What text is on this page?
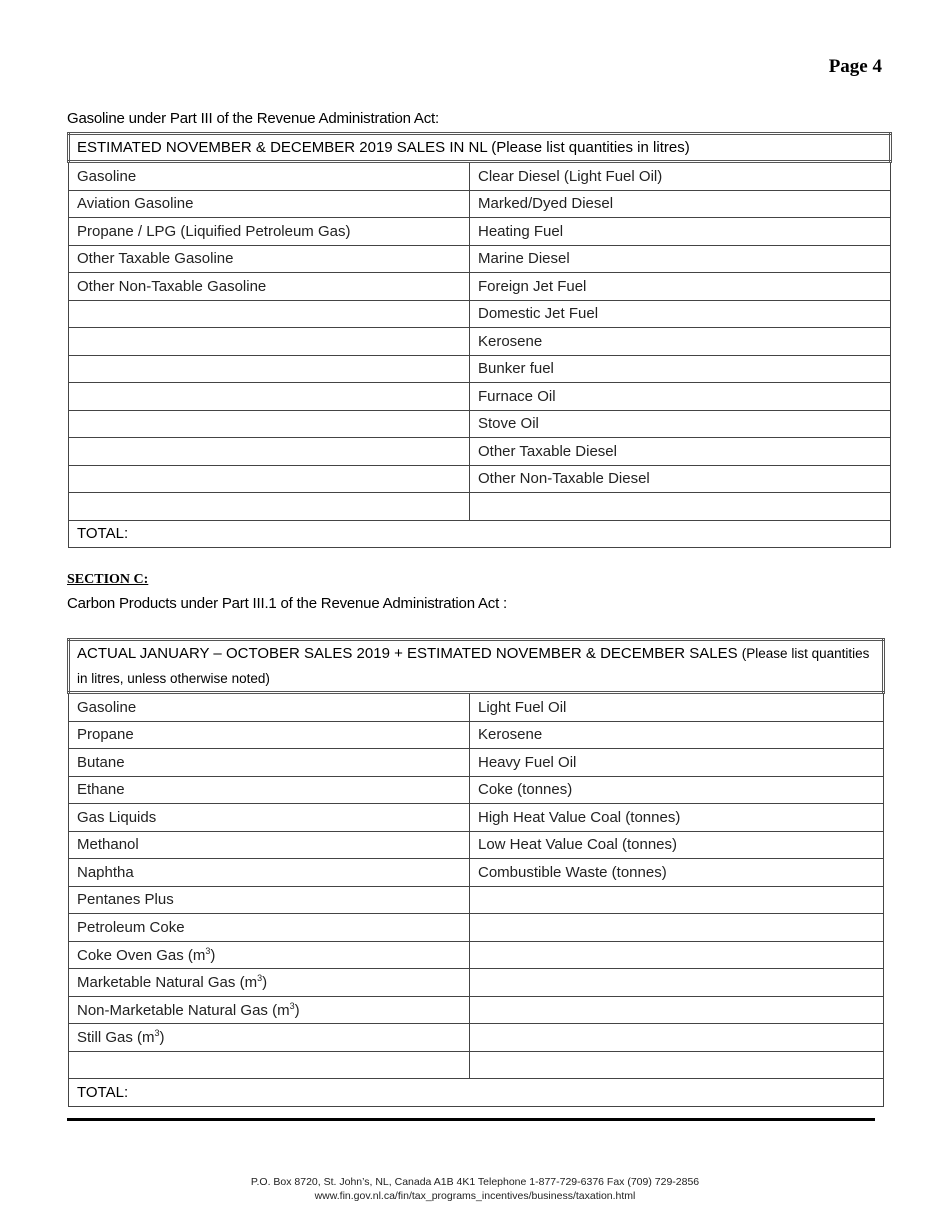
Page 4
Gasoline under Part III of the Revenue Administration Act:
ESTIMATED NOVEMBER & DECEMBER 2019 SALES IN NL (Please list quantities in litres)	
Gasoline	Clear Diesel (Light Fuel Oil)
Aviation Gasoline	Marked/Dyed Diesel
Propane / LPG (Liquified Petroleum Gas)	Heating Fuel
Other Taxable Gasoline	Marine Diesel
Other Non-Taxable Gasoline	Foreign Jet Fuel
	Domestic Jet Fuel
	Kerosene
	Bunker fuel
	Furnace Oil
	Stove Oil
	Other Taxable Diesel
	Other Non-Taxable Diesel

TOTAL:	
SECTION C:
Carbon Products under Part III.1 of the Revenue Administration Act :
ACTUAL JANUARY – OCTOBER SALES 2019 + ESTIMATED NOVEMBER & DECEMBER SALES (Please list quantities in litres, unless otherwise noted)	
Gasoline	Light Fuel Oil
Propane	Kerosene
Butane	Heavy Fuel Oil
Ethane	Coke (tonnes)
Gas Liquids	High Heat Value Coal (tonnes)
Methanol	Low Heat Value Coal (tonnes)
Naphtha	Combustible Waste (tonnes)
Pentanes Plus	
Petroleum Coke	
Coke Oven Gas $(m^3)$	
Marketable Natural Gas $(m^3)$	
Non-Marketable Natural Gas $(m^3)$	
Still Gas $(m^3)$	

TOTAL:	
P.O. Box 8720, St. John’s, NL, Canada A1B 4K1 Telephone 1-877-729-6376 Fax (709) 729-2856
www.fin.gov.nl.ca/fin/tax_programs_incentives/business/taxation.html
